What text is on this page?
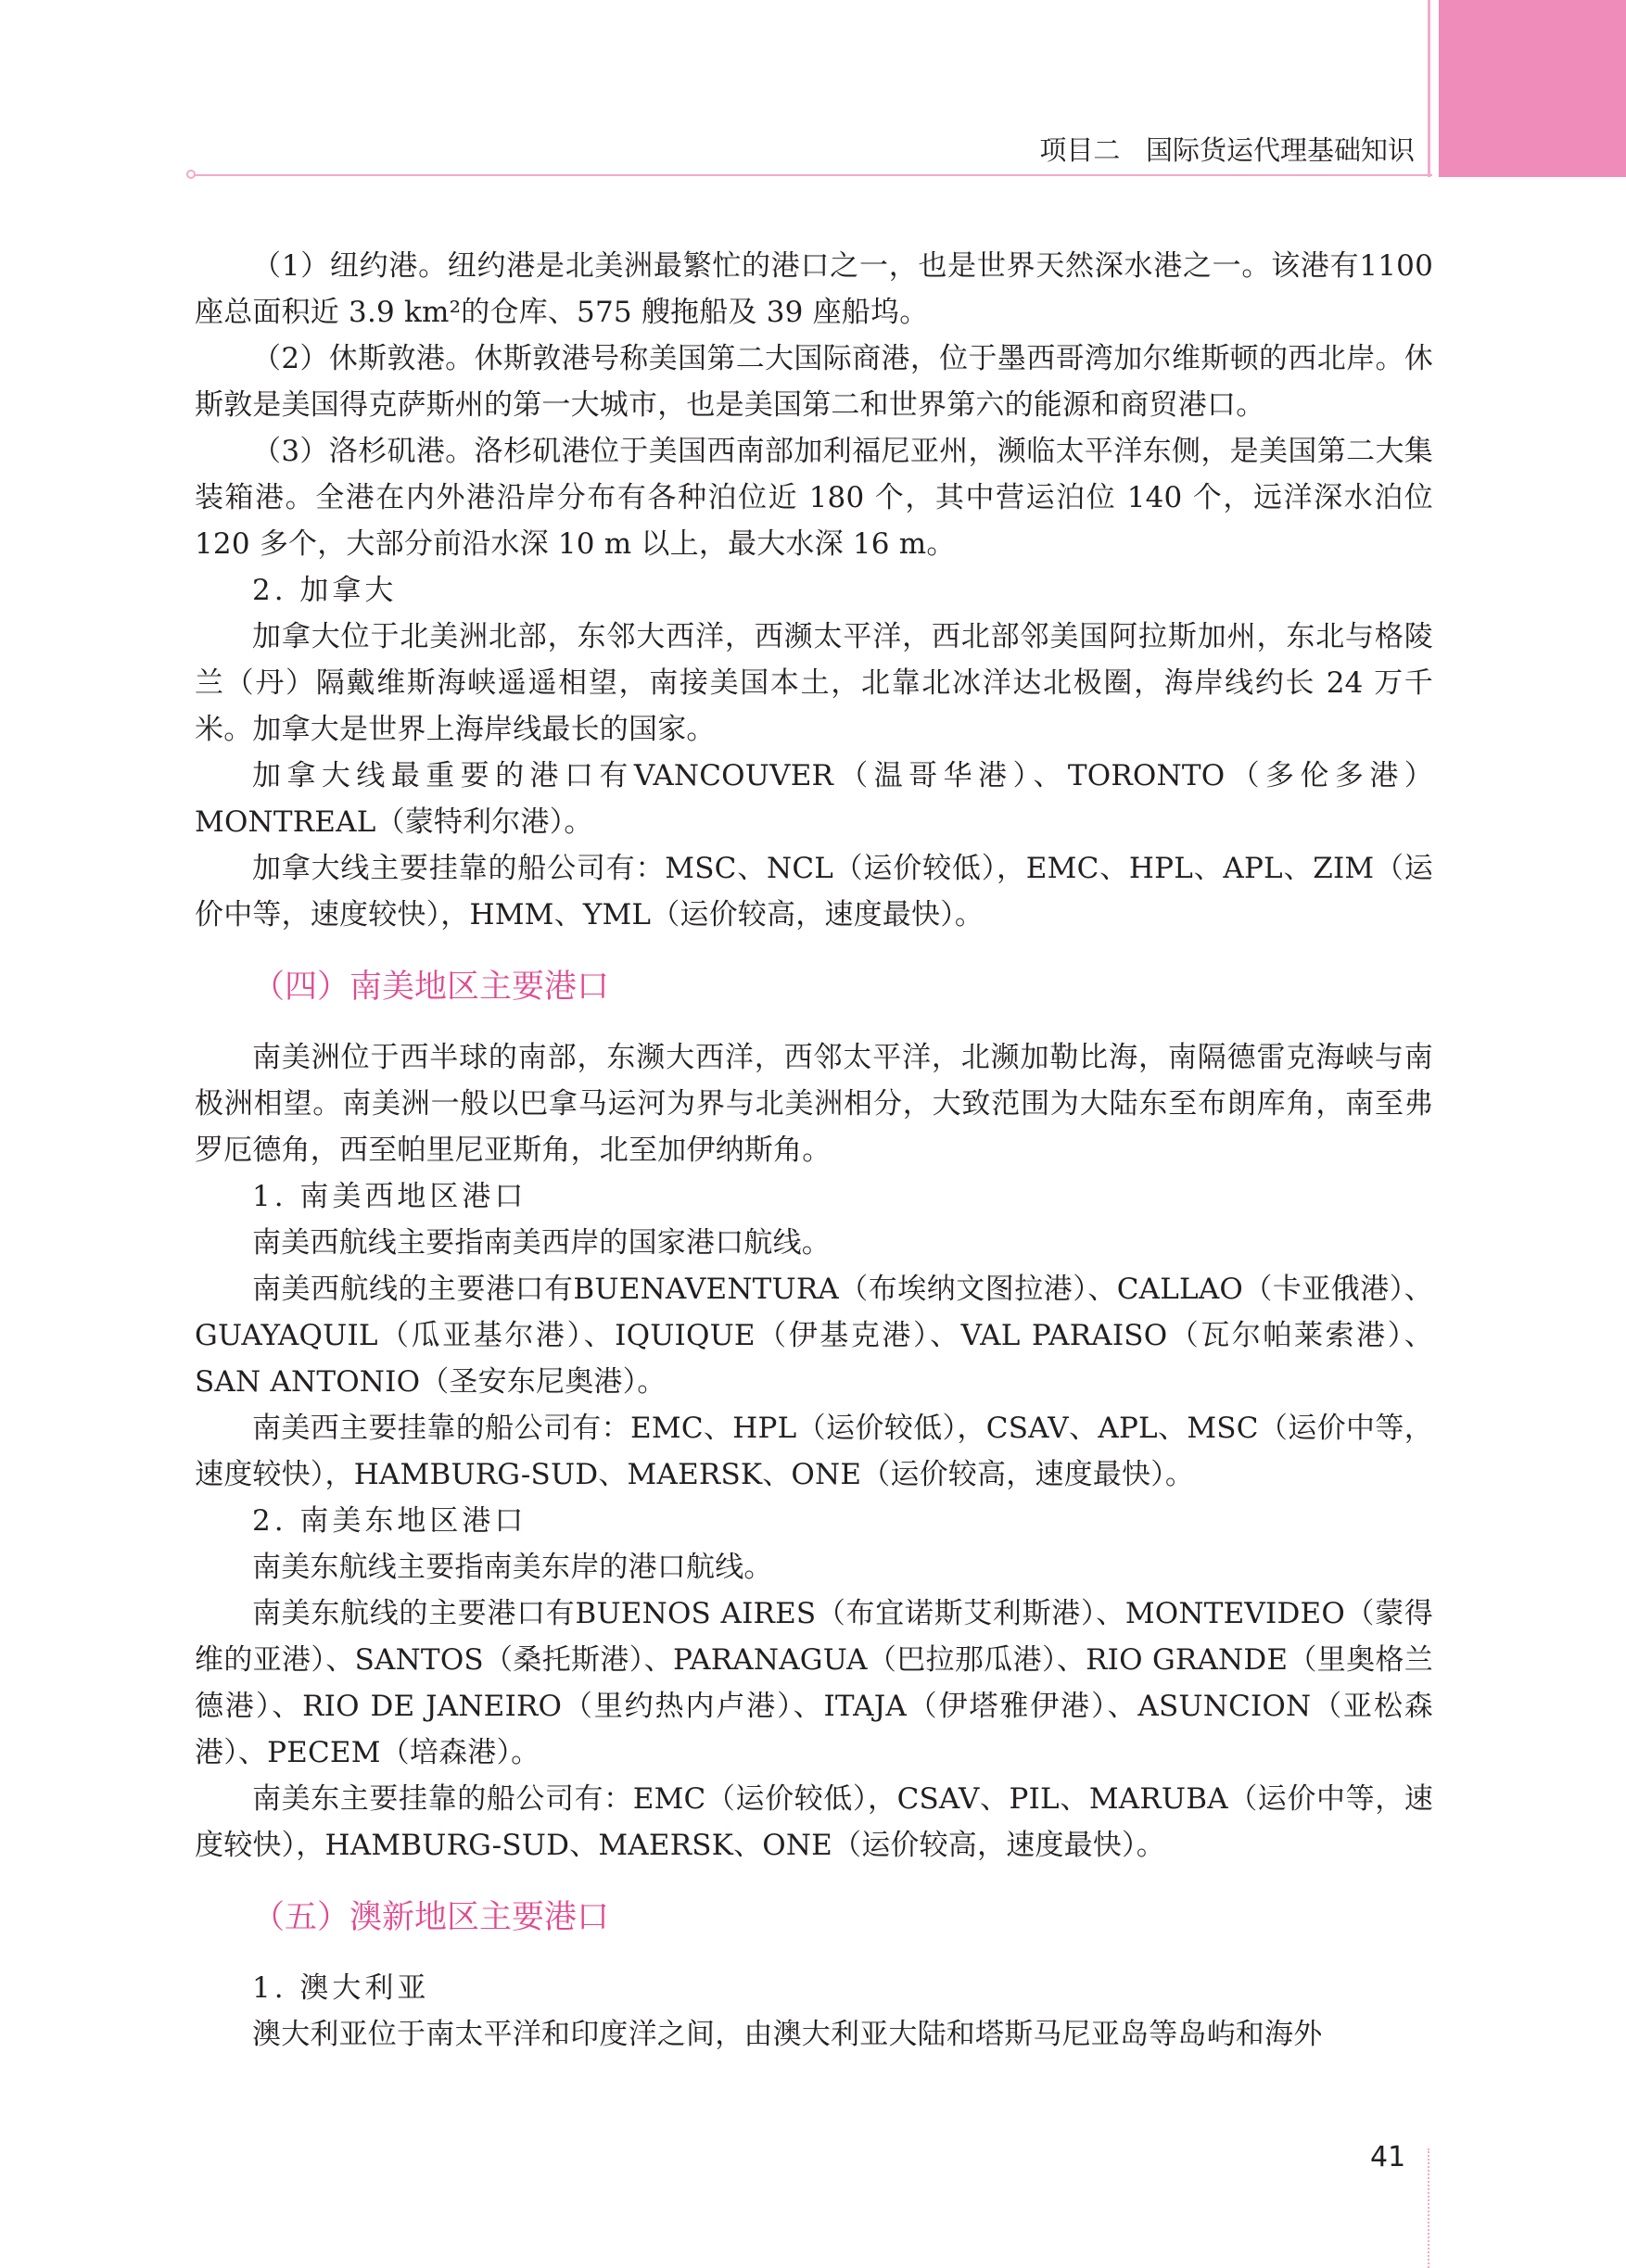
项目二 国际货运代理基础知识

（1）纽约港。纽约港是北美洲最繁忙的港口之一，也是世界天然深水港之一。该港有1100 座总面积近 3.9 km²的仓库、575 艘拖船及 39 座船坞。

（2）休斯敦港。休斯敦港号称美国第二大国际商港，位于墨西哥湾加尔维斯顿的西北岸。休斯敦是美国得克萨斯州的第一大城市，也是美国第二和世界第六的能源和商贸港口。

（3）洛杉矶港。洛杉矶港位于美国西南部加利福尼亚州，濒临太平洋东侧，是美国第二大集装箱港。全港在内外港沿岸分布有各种泊位近 180 个，其中营运泊位 140 个，远洋深水泊位 120 多个，大部分前沿水深 10 m 以上，最大水深 16 m。

2. 加拿大

加拿大位于北美洲北部，东邻大西洋，西濒太平洋，西北部邻美国阿拉斯加州，东北与格陵兰（丹）隔戴维斯海峡遥遥相望，南接美国本土，北靠北冰洋达北极圈，海岸线约长 24 万千米。加拿大是世界上海岸线最长的国家。

加拿大线最重要的港口有VANCOUVER（温哥华港）、TORONTO（多伦多港）MONTREAL（蒙特利尔港）。

加拿大线主要挂靠的船公司有：MSC、NCL（运价较低），EMC、HPL、APL、ZIM（运价中等，速度较快），HMM、YML（运价较高，速度最快）。

（四）南美地区主要港口

南美洲位于西半球的南部，东濒大西洋，西邻太平洋，北濒加勒比海，南隔德雷克海峡与南极洲相望。南美洲一般以巴拿马运河为界与北美洲相分，大致范围为大陆东至布朗库角，南至弗罗厄德角，西至帕里尼亚斯角，北至加伊纳斯角。

1. 南美西地区港口

南美西航线主要指南美西岸的国家港口航线。

南美西航线的主要港口有BUENAVENTURA（布埃纳文图拉港）、CALLAO（卡亚俄港）、GUAYAQUIL（瓜亚基尔港）、IQUIQUE（伊基克港）、VAL PARAISO（瓦尔帕莱索港）、SAN ANTONIO（圣安东尼奥港）。

南美西主要挂靠的船公司有：EMC、HPL（运价较低），CSAV、APL、MSC（运价中等，速度较快），HAMBURG-SUD、MAERSK、ONE（运价较高，速度最快）。

2. 南美东地区港口

南美东航线主要指南美东岸的港口航线。

南美东航线的主要港口有BUENOS AIRES（布宜诺斯艾利斯港）、MONTEVIDEO（蒙得维的亚港）、SANTOS（桑托斯港）、PARANAGUA（巴拉那瓜港）、RIO GRANDE（里奥格兰德港）、RIO DE JANEIRO（里约热内卢港）、ITAJA（伊塔雅伊港）、ASUNCION（亚松森港）、PECEM（培森港）。

南美东主要挂靠的船公司有：EMC（运价较低），CSAV、PIL、MARUBA（运价中等，速度较快），HAMBURG-SUD、MAERSK、ONE（运价较高，速度最快）。

（五）澳新地区主要港口

1. 澳大利亚

澳大利亚位于南太平洋和印度洋之间，由澳大利亚大陆和塔斯马尼亚岛等岛屿和海外

41
